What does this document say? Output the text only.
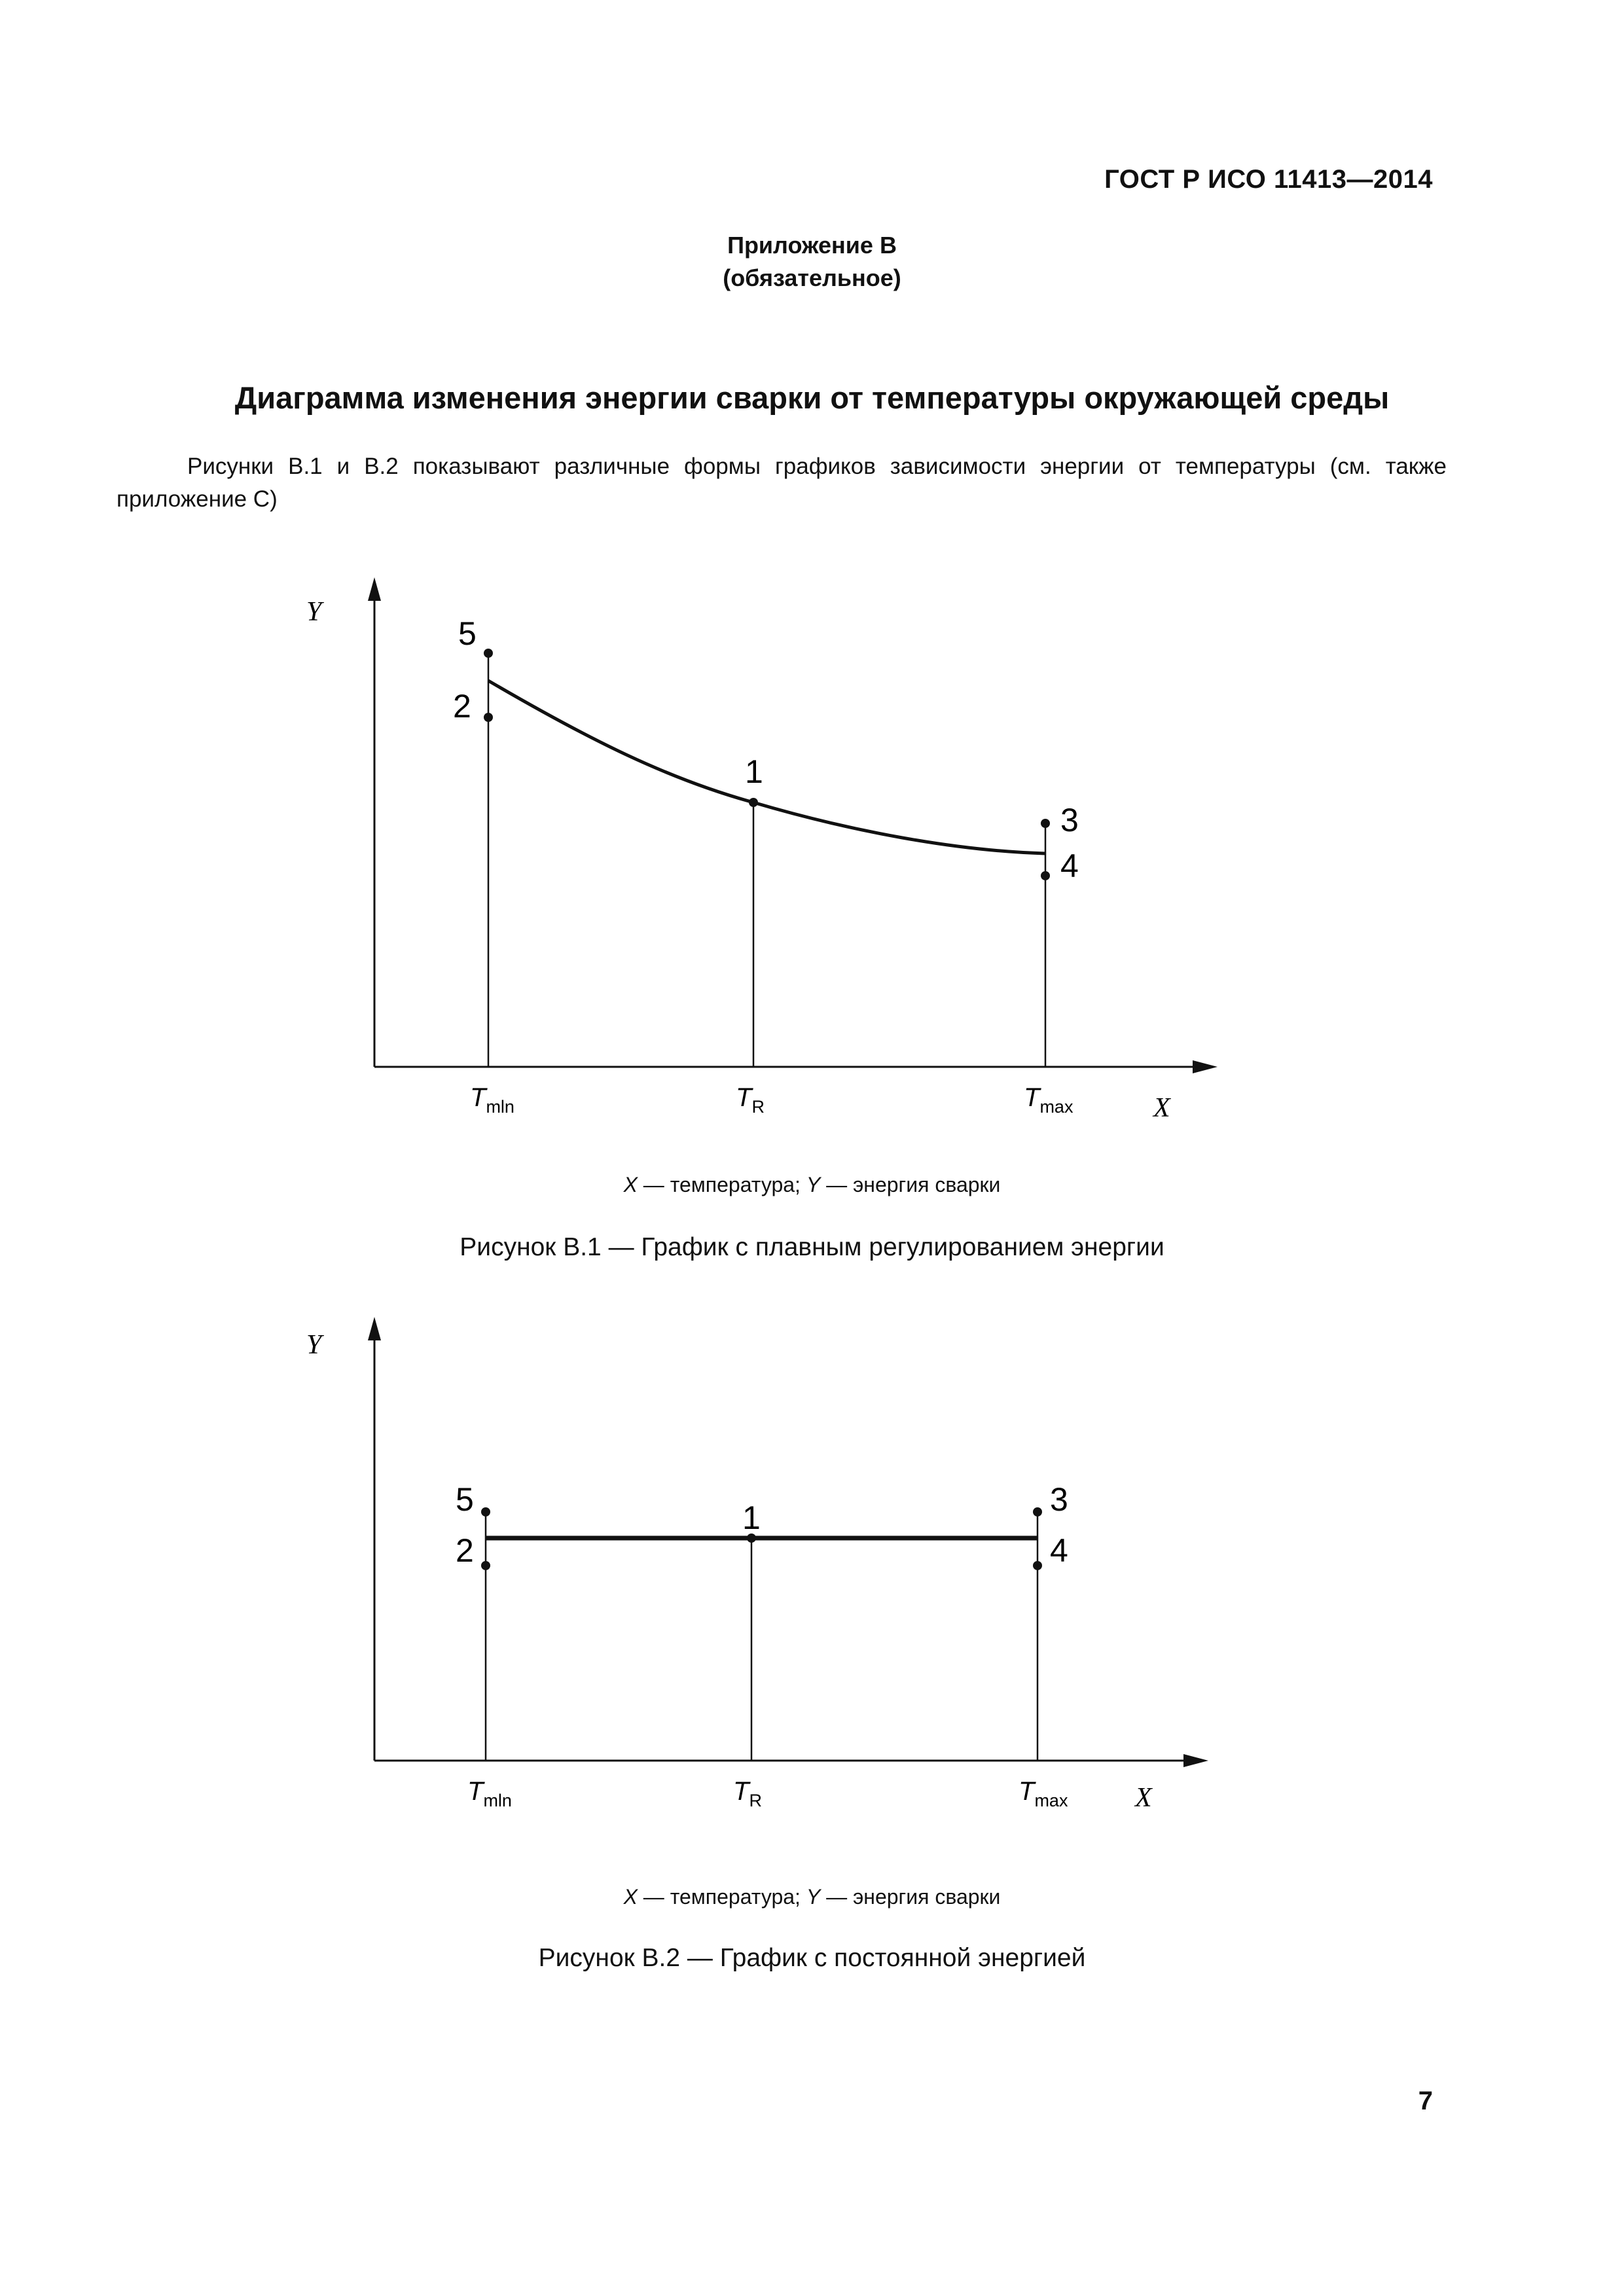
ГОСТ Р ИСО 11413—2014
Приложение B
(обязательное)
Диаграмма изменения энергии сварки от температуры окружающей среды
Рисунки B.1 и B.2 показывают различные формы графиков зависимости энергии от температуры (см. также приложение C)
Y
X
5
2
1
3
4
$T_{mln}$	$T_R$	$T_{max}$
X — температура; Y — энергия сварки
Рисунок B.1 — График с плавным регулированием энергии
Y
X
5
2
1	3
4
$T_{mln}$	$T_R$	$T_{max}$
X — температура; Y — энергия сварки
Рисунок B.2 — График с постоянной энергией
7
